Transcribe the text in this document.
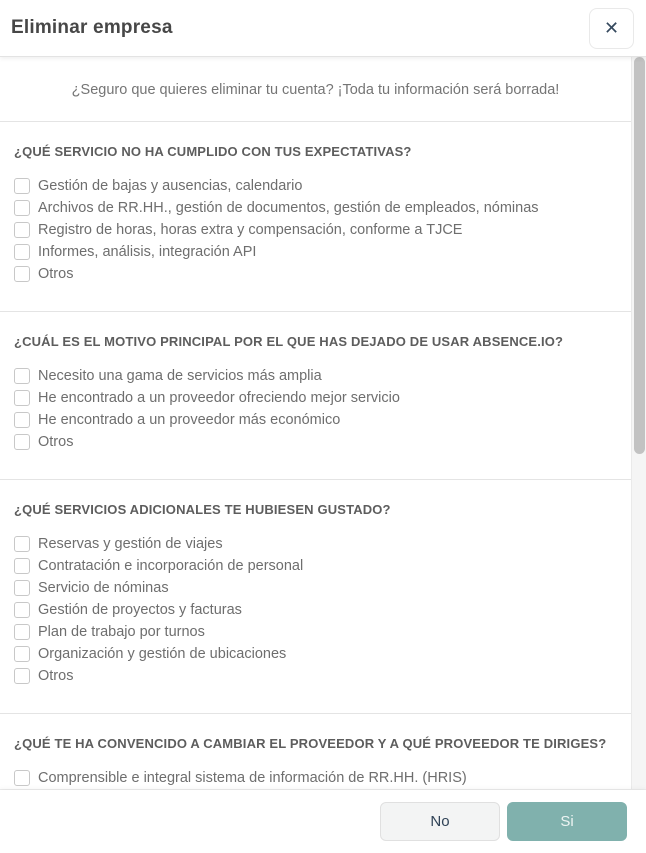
Eliminar empresa	✕

¿Seguro que quieres eliminar tu cuenta? ¡Toda tu información será borrada!

¿QUÉ SERVICIO NO HA CUMPLIDO CON TUS EXPECTATIVAS?
Gestión de bajas y ausencias, calendario
Archivos de RR.HH., gestión de documentos, gestión de empleados, nóminas
Registro de horas, horas extra y compensación, conforme a TJCE
Informes, análisis, integración API
Otros
¿CUÁL ES EL MOTIVO PRINCIPAL POR EL QUE HAS DEJADO DE USAR ABSENCE.IO?
Necesito una gama de servicios más amplia
He encontrado a un proveedor ofreciendo mejor servicio
He encontrado a un proveedor más económico
Otros
¿QUÉ SERVICIOS ADICIONALES TE HUBIESEN GUSTADO?
Reservas y gestión de viajes
Contratación e incorporación de personal
Servicio de nóminas
Gestión de proyectos y facturas
Plan de trabajo por turnos
Organización y gestión de ubicaciones
Otros
¿QUÉ TE HA CONVENCIDO A CAMBIAR EL PROVEEDOR Y A QUÉ PROVEEDOR TE DIRIGES?
Comprensible e integral sistema de información de RR.HH. (HRIS)
No	Si
